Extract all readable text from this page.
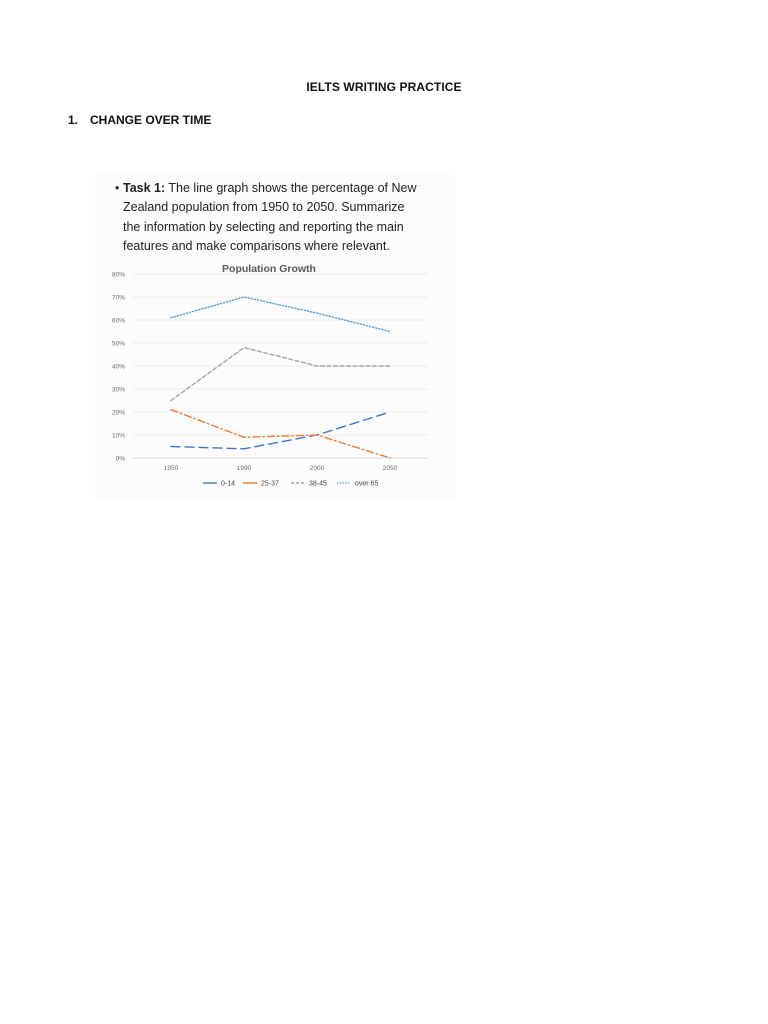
IELTS WRITING PRACTICE
1. CHANGE OVER TIME
• Task 1: The line graph shows the percentage of New
Zealand population from 1950 to 2050. Summarize
the information by selecting and reporting the main
features and make comparisons where relevant.
Population Growth
0%
10%
20%
30%
40%
50%
60%
70%
80%
1950	1990	2000	2050
0-14	25-37	38-45	over 65
